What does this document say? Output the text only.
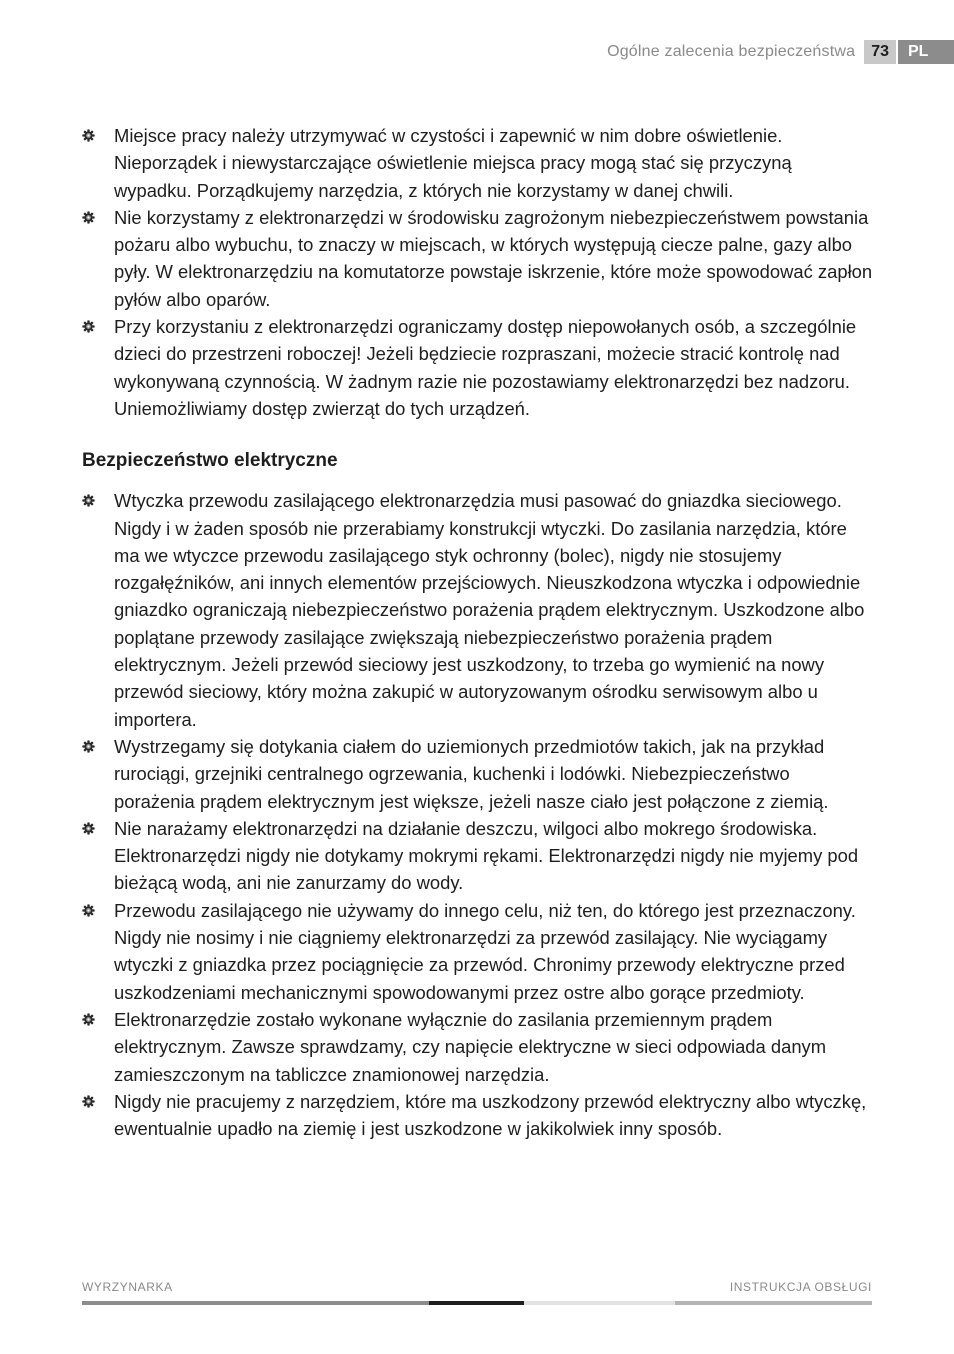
Ogólne zalecenia bezpieczeństwa	73	PL
Miejsce pracy należy utrzymywać w czystości i zapewnić w nim dobre oświetlenie. Nieporządek i niewystarczające oświetlenie miejsca pracy mogą stać się przyczyną wypadku. Porządkujemy narzędzia, z których nie korzystamy w danej chwili.
Nie korzystamy z elektronarzędzi w środowisku zagrożonym niebezpieczeństwem powstania pożaru albo wybuchu, to znaczy w miejscach, w których występują ciecze palne, gazy albo pyły. W elektronarzędziu na komutatorze powstaje iskrzenie, które może spowodować zapłon pyłów albo oparów.
Przy korzystaniu z elektronarzędzi ograniczamy dostęp niepowołanych osób, a szczególnie dzieci do przestrzeni roboczej! Jeżeli będziecie rozpraszani, możecie stracić kontrolę nad wykonywaną czynnością. W żadnym razie nie pozostawiamy elektronarzędzi bez nadzoru. Uniemożliwiamy dostęp zwierząt do tych urządzeń.
Bezpieczeństwo elektryczne
Wtyczka przewodu zasilającego elektronarzędzia musi pasować do gniazdka sieciowego. Nigdy i w żaden sposób nie przerabiamy konstrukcji wtyczki. Do zasilania narzędzia, które ma we wtyczce przewodu zasilającego styk ochronny (bolec), nigdy nie stosujemy rozgałęźników, ani innych elementów przejściowych. Nieuszkodzona wtyczka i odpowiednie gniazdko ograniczają niebezpieczeństwo porażenia prądem elektrycznym. Uszkodzone albo poplątane przewody zasilające zwiększają niebezpieczeństwo porażenia prądem elektrycznym. Jeżeli przewód sieciowy jest uszkodzony, to trzeba go wymienić na nowy przewód sieciowy, który można zakupić w autoryzowanym ośrodku serwisowym albo u importera.
Wystrzegamy się dotykania ciałem do uziemionych przedmiotów takich, jak na przykład rurociągi, grzejniki centralnego ogrzewania, kuchenki i lodówki. Niebezpieczeństwo porażenia prądem elektrycznym jest większe, jeżeli nasze ciało jest połączone z ziemią.
Nie narażamy elektronarzędzi na działanie deszczu, wilgoci albo mokrego środowiska. Elektronarzędzi nigdy nie dotykamy mokrymi rękami. Elektronarzędzi nigdy nie myjemy pod bieżącą wodą, ani nie zanurzamy do wody.
Przewodu zasilającego nie używamy do innego celu, niż ten, do którego jest przeznaczony. Nigdy nie nosimy i nie ciągniemy elektronarzędzi za przewód zasilający. Nie wyciągamy wtyczki z gniazdka przez pociągnięcie za przewód. Chronimy przewody elektryczne przed uszkodzeniami mechanicznymi spowodowanymi przez ostre albo gorące przedmioty.
Elektronarzędzie zostało wykonane wyłącznie do zasilania przemiennym prądem elektrycznym. Zawsze sprawdzamy, czy napięcie elektryczne w sieci odpowiada danym zamieszczonym na tabliczce znamionowej narzędzia.
Nigdy nie pracujemy z narzędziem, które ma uszkodzony przewód elektryczny albo wtyczkę, ewentualnie upadło na ziemię i jest uszkodzone w jakikolwiek inny sposób.
WYRZYNARKA	INSTRUKCJA OBSŁUGI
